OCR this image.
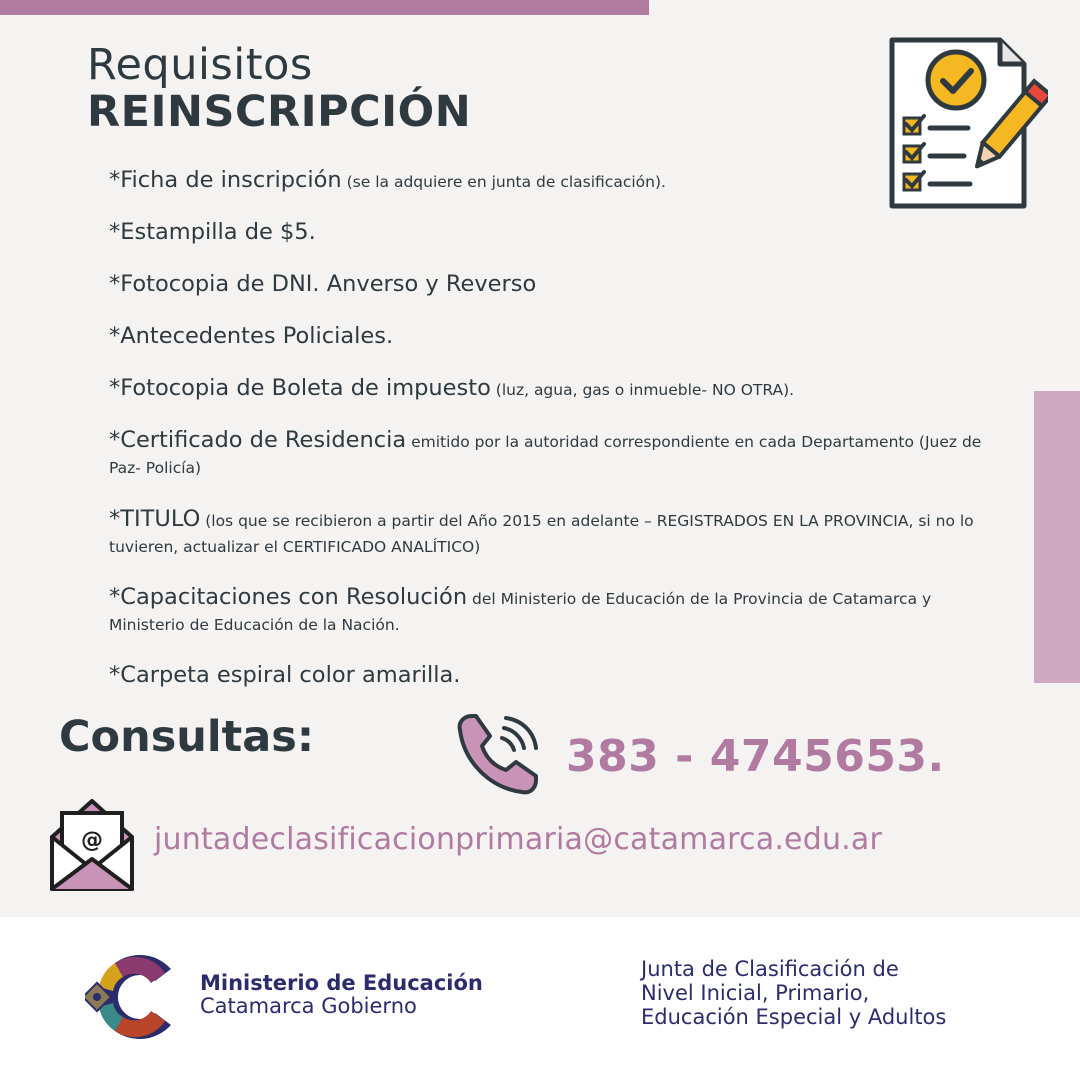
Requisitos
REINSCRIPCIÓN
*Ficha de inscripción (se la adquiere en junta de clasificación).
*Estampilla de $5.
*Fotocopia de DNI. Anverso y Reverso
*Antecedentes Policiales.
*Fotocopia de Boleta de impuesto (luz, agua, gas o inmueble- NO OTRA).
*Certificado de Residencia emitido por la autoridad correspondiente en cada Departamento (Juez de Paz- Policía)
*TITULO (los que se recibieron a partir del Año 2015 en adelante – REGISTRADOS EN LA PROVINCIA, si no lo tuvieren, actualizar el CERTIFICADO ANALÍTICO)
*Capacitaciones con Resolución del Ministerio de Educación de la Provincia de Catamarca y Ministerio de Educación de la Nación.
*Carpeta espiral color amarilla.
Consultas:	383 - 4745653.
@ juntadeclasificacionprimaria@catamarca.edu.ar
Ministerio de Educación
Catamarca Gobierno
Junta de Clasificación de
Nivel Inicial, Primario,
Educación Especial y Adultos
